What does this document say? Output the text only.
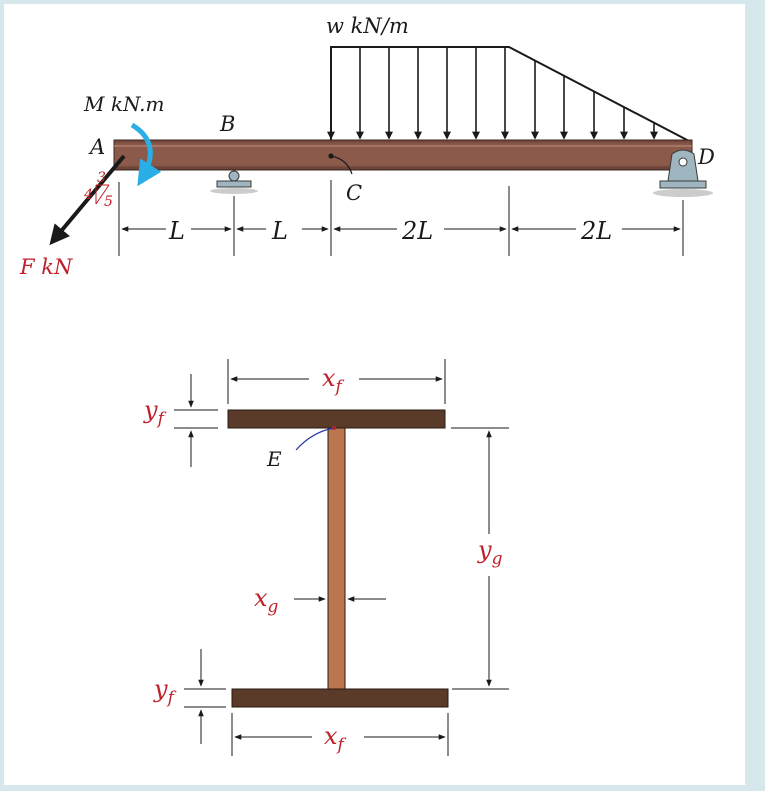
w kN/m
A
B
C
D
M kN.m
F kN
3
4 5
L	L	2L	2L
E
$x_f$
$y_f$
$y_g$
$x_g$
$y_f$
$x_f$
